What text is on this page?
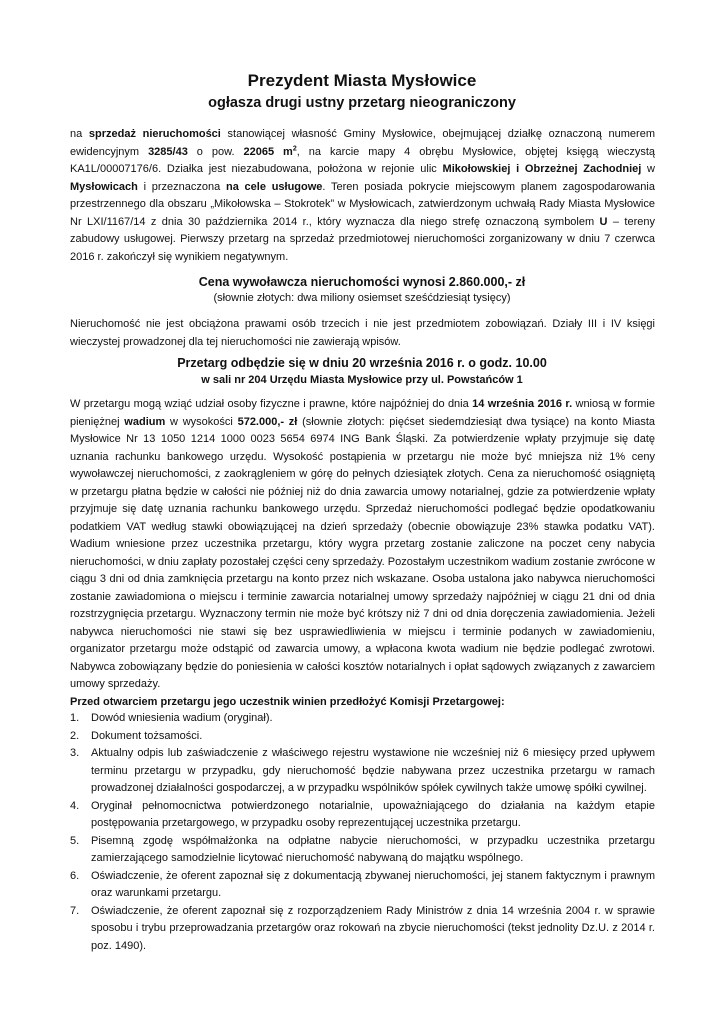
Prezydent Miasta Mysłowice
ogłasza drugi ustny przetarg nieograniczony
na sprzedaż nieruchomości stanowiącej własność Gminy Mysłowice, obejmującej działkę oznaczoną numerem ewidencyjnym 3285/43 o pow. 22065 $m^2$, na karcie mapy 4 obrębu Mysłowice, objętej księgą wieczystą KA1L/00007176/6. Działka jest niezabudowana, położona w rejonie ulic Mikołowskiej i Obrzeżnej Zachodniej w Mysłowicach i przeznaczona na cele usługowe. Teren posiada pokrycie miejscowym planem zagospodarowania przestrzennego dla obszaru „Mikołowska – Stokrotek” w Mysłowicach, zatwierdzonym uchwałą Rady Miasta Mysłowice Nr LXI/1167/14 z dnia 30 października 2014 r., który wyznacza dla niego strefę oznaczoną symbolem U – tereny zabudowy usługowej. Pierwszy przetarg na sprzedaż przedmiotowej nieruchomości zorganizowany w dniu 7 czerwca 2016 r. zakończył się wynikiem negatywnym.
Cena wywoławcza nieruchomości wynosi 2.860.000,- zł
(słownie złotych: dwa miliony osiemset sześćdziesiąt tysięcy)
Nieruchomość nie jest obciążona prawami osób trzecich i nie jest przedmiotem zobowiązań. Działy III i IV księgi wieczystej prowadzonej dla tej nieruchomości nie zawierają wpisów.
Przetarg odbędzie się w dniu 20 września 2016 r. o godz. 10.00
w sali nr 204 Urzędu Miasta Mysłowice przy ul. Powstańców 1
W przetargu mogą wziąć udział osoby fizyczne i prawne, które najpóźniej do dnia 14 września 2016 r. wniosą w formie pieniężnej wadium w wysokości 572.000,- zł (słownie złotych: pięćset siedemdziesiąt dwa tysiące) na konto Miasta Mysłowice Nr 13 1050 1214 1000 0023 5654 6974 ING Bank Śląski. Za potwierdzenie wpłaty przyjmuje się datę uznania rachunku bankowego urzędu. Wysokość postąpienia w przetargu nie może być mniejsza niż 1% ceny wywoławczej nieruchomości, z zaokrągleniem w górę do pełnych dziesiątek złotych. Cena za nieruchomość osiągniętą w przetargu płatna będzie w całości nie później niż do dnia zawarcia umowy notarialnej, gdzie za potwierdzenie wpłaty przyjmuje się datę uznania rachunku bankowego urzędu. Sprzedaż nieruchomości podlegać będzie opodatkowaniu podatkiem VAT według stawki obowiązującej na dzień sprzedaży (obecnie obowiązuje 23% stawka podatku VAT). Wadium wniesione przez uczestnika przetargu, który wygra przetarg zostanie zaliczone na poczet ceny nabycia nieruchomości, w dniu zapłaty pozostałej części ceny sprzedaży. Pozostałym uczestnikom wadium zostanie zwrócone w ciągu 3 dni od dnia zamknięcia przetargu na konto przez nich wskazane. Osoba ustalona jako nabywca nieruchomości zostanie zawiadomiona o miejscu i terminie zawarcia notarialnej umowy sprzedaży najpóźniej w ciągu 21 dni od dnia rozstrzygnięcia przetargu. Wyznaczony termin nie może być krótszy niż 7 dni od dnia doręczenia zawiadomienia. Jeżeli nabywca nieruchomości nie stawi się bez usprawiedliwienia w miejscu i terminie podanych w zawiadomieniu, organizator przetargu może odstąpić od zawarcia umowy, a wpłacona kwota wadium nie będzie podlegać zwrotowi. Nabywca zobowiązany będzie do poniesienia w całości kosztów notarialnych i opłat sądowych związanych z zawarciem umowy sprzedaży.
Przed otwarciem przetargu jego uczestnik winien przedłożyć Komisji Przetargowej:
1. Dowód wniesienia wadium (oryginał).
2. Dokument tożsamości.
3. Aktualny odpis lub zaświadczenie z właściwego rejestru wystawione nie wcześniej niż 6 miesięcy przed upływem terminu przetargu w przypadku, gdy nieruchomość będzie nabywana przez uczestnika przetargu w ramach prowadzonej działalności gospodarczej, a w przypadku wspólników spółek cywilnych także umowę spółki cywilnej.
4. Oryginał pełnomocnictwa potwierdzonego notarialnie, upoważniającego do działania na każdym etapie postępowania przetargowego, w przypadku osoby reprezentującej uczestnika przetargu.
5. Pisemną zgodę współmałżonka na odpłatne nabycie nieruchomości, w przypadku uczestnika przetargu zamierzającego samodzielnie licytować nieruchomość nabywaną do majątku wspólnego.
6. Oświadczenie, że oferent zapoznał się z dokumentacją zbywanej nieruchomości, jej stanem faktycznym i prawnym oraz warunkami przetargu.
7. Oświadczenie, że oferent zapoznał się z rozporządzeniem Rady Ministrów z dnia 14 września 2004 r. w sprawie sposobu i trybu przeprowadzania przetargów oraz rokowań na zbycie nieruchomości (tekst jednolity Dz.U. z 2014 r. poz. 1490).
